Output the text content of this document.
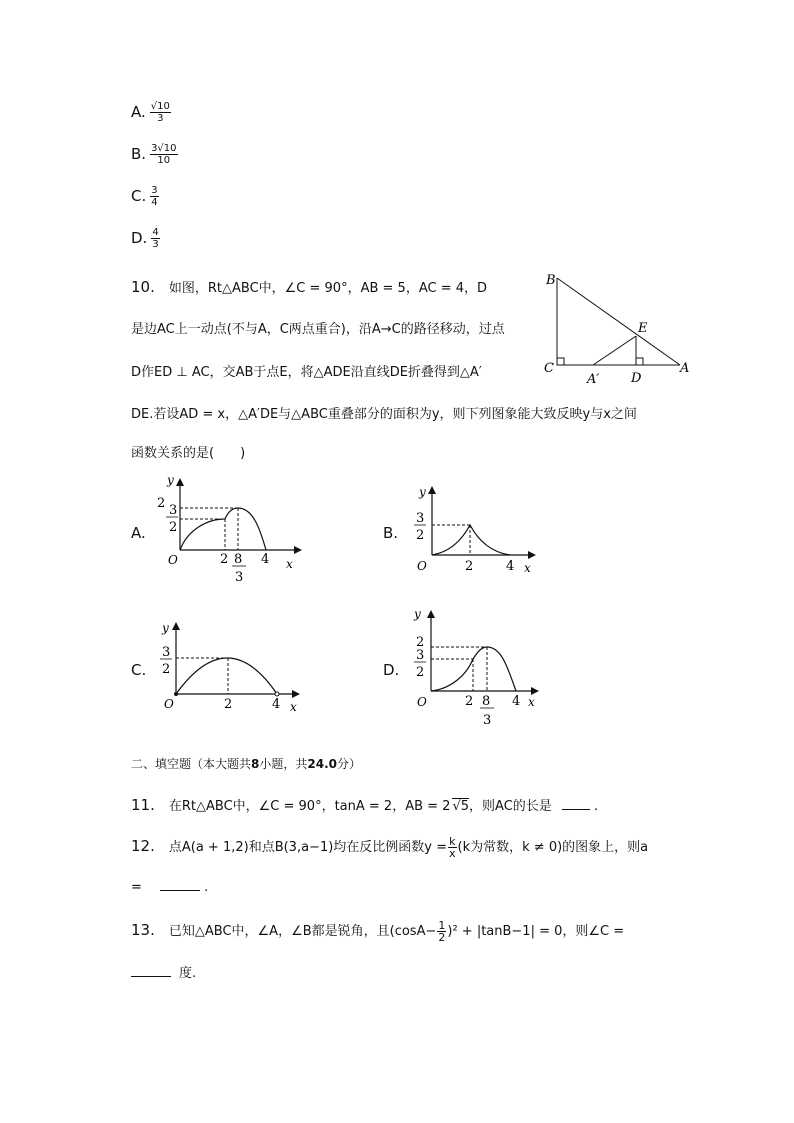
A. $\frac{√10}{3}$
B. $\frac{3√10}{10}$
C. $\frac{3}{4}$
D. $\frac{4}{3}$
10. 如图，Rt△ABC中，∠C = 90°，AB = 5，AC = 4，D
是边AC上一动点(不与A，C两点重合)，沿A→C的路径移动，过点
D作ED ⊥ AC，交AB于点E，将△ADE沿直线DE折叠得到△A′
DE.若设AD = x，△A′DE与△ABC重叠部分的面积为y，则下列图象能大致反映y与x之间
函数关系的是(　　)
B
E
C
A′ D
A
A.
y
x
O
2 3
2
2 8
3
4
B.
y
x
O
3
2
2	4
C.
y
x
O
3
2
2	4
D.
y
x
O
2
3
2
2 8
3
4
二、填空题（本大题共8小题，共24.0分）
11. 在Rt△ABC中，∠C = 90°，tanA = 2，AB = 2 √5，则AC的长是	.
12. 点A(a + 1,2)和点B(3,a−1)均在反比例函数$y = \frac{k}{x} (k$为常数，k ≠ 0)的图象上，则a
=	.
13. 已知△ABC中，∠A，∠B都是锐角，且$(\cos A- \frac{1}{2} )^2 + |\tan B-1| = 0$，则∠C =
度.
